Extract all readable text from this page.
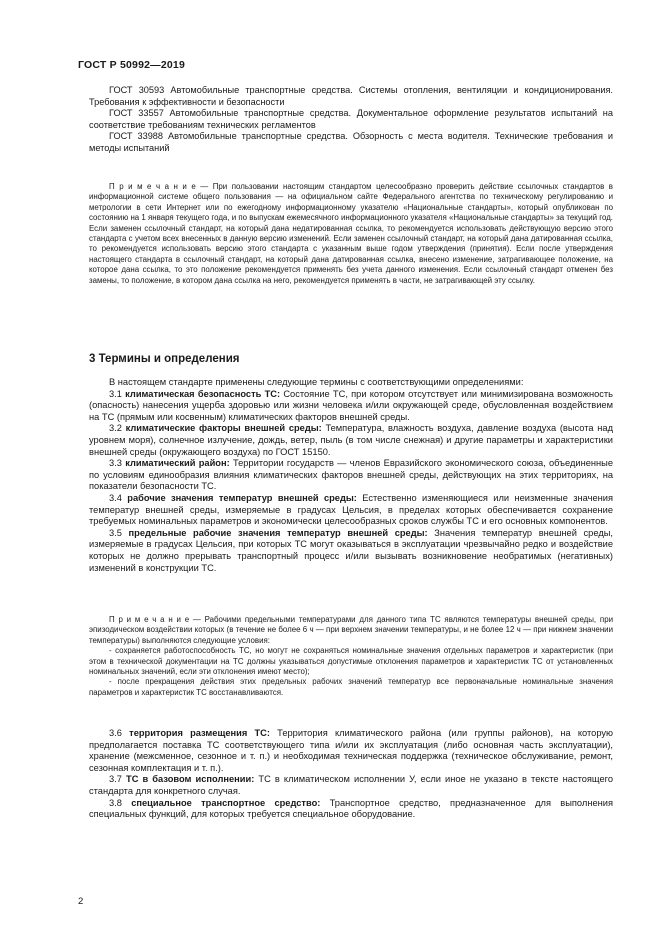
ГОСТ Р 50992—2019

ГОСТ 30593 Автомобильные транспортные средства. Системы отопления, вентиляции и кондиционирования. Требования к эффективности и безопасности

ГОСТ 33557 Автомобильные транспортные средства. Документальное оформление результатов испытаний на соответствие требованиям технических регламентов

ГОСТ 33988 Автомобильные транспортные средства. Обзорность с места водителя. Технические требования и методы испытаний

П р и м е ч а н и е — При пользовании настоящим стандартом целесообразно проверить действие ссылочных стандартов в информационной системе общего пользования — на официальном сайте Федерального агентства по техническому регулированию и метрологии в сети Интернет или по ежегодному информационному указателю «Национальные стандарты», который опубликован по состоянию на 1 января текущего года, и по выпускам ежемесячного информационного указателя «Национальные стандарты» за текущий год. Если заменен ссылочный стандарт, на который дана недатированная ссылка, то рекомендуется использовать действующую версию этого стандарта с учетом всех внесенных в данную версию изменений. Если заменен ссылочный стандарт, на который дана датированная ссылка, то рекомендуется использовать версию этого стандарта с указанным выше годом утверждения (принятия). Если после утверждения настоящего стандарта в ссылочный стандарт, на который дана датированная ссылка, внесено изменение, затрагивающее положение, на которое дана ссылка, то это положение рекомендуется применять без учета данного изменения. Если ссылочный стандарт отменен без замены, то положение, в котором дана ссылка на него, рекомендуется применять в части, не затрагивающей эту ссылку.

3 Термины и определения

В настоящем стандарте применены следующие термины с соответствующими определениями:

3.1 климатическая безопасность ТС: Состояние ТС, при котором отсутствует или минимизирована возможность (опасность) нанесения ущерба здоровью или жизни человека и/или окружающей среде, обусловленная воздействием на ТС (прямым или косвенным) климатических факторов внешней среды.

3.2 климатические факторы внешней среды: Температура, влажность воздуха, давление воздуха (высота над уровнем моря), солнечное излучение, дождь, ветер, пыль (в том числе снежная) и другие параметры и характеристики внешней среды (окружающего воздуха) по ГОСТ 15150.

3.3 климатический район: Территории государств — членов Евразийского экономического союза, объединенные по условиям единообразия влияния климатических факторов внешней среды, действующих на этих территориях, на показатели безопасности ТС.

3.4 рабочие значения температур внешней среды: Естественно изменяющиеся или неизменные значения температур внешней среды, измеряемые в градусах Цельсия, в пределах которых обеспечивается сохранение требуемых номинальных параметров и экономически целесообразных сроков службы ТС и его основных компонентов.

3.5 предельные рабочие значения температур внешней среды: Значения температур внешней среды, измеряемые в градусах Цельсия, при которых ТС могут оказываться в эксплуатации чрезвычайно редко и воздействие которых не должно прерывать транспортный процесс и/или вызывать возникновение необратимых (негативных) изменений в конструкции ТС.

П р и м е ч а н и е — Рабочими предельными температурами для данного типа ТС являются температуры внешней среды, при эпизодическом воздействии которых (в течение не более 6 ч — при верхнем значении температуры, и не более 12 ч — при нижнем значении температуры) выполняются следующие условия:

- сохраняется работоспособность ТС, но могут не сохраняться номинальные значения отдельных параметров и характеристик (при этом в технической документации на ТС должны указываться допустимые отклонения параметров и характеристик ТС от установленных номинальных значений, если эти отклонения имеют место);

- после прекращения действия этих предельных рабочих значений температур все первоначальные номинальные значения параметров и характеристик ТС восстанавливаются.

3.6 территория размещения ТС: Территория климатического района (или группы районов), на которую предполагается поставка ТС соответствующего типа и/или их эксплуатация (либо основная часть эксплуатации), хранение (межсменное, сезонное и т. п.) и необходимая техническая поддержка (техническое обслуживание, ремонт, сезонная комплектация и т. п.).

3.7 ТС в базовом исполнении: ТС в климатическом исполнении У, если иное не указано в тексте настоящего стандарта для конкретного случая.

3.8 специальное транспортное средство: Транспортное средство, предназначенное для выполнения специальных функций, для которых требуется специальное оборудование.

2
